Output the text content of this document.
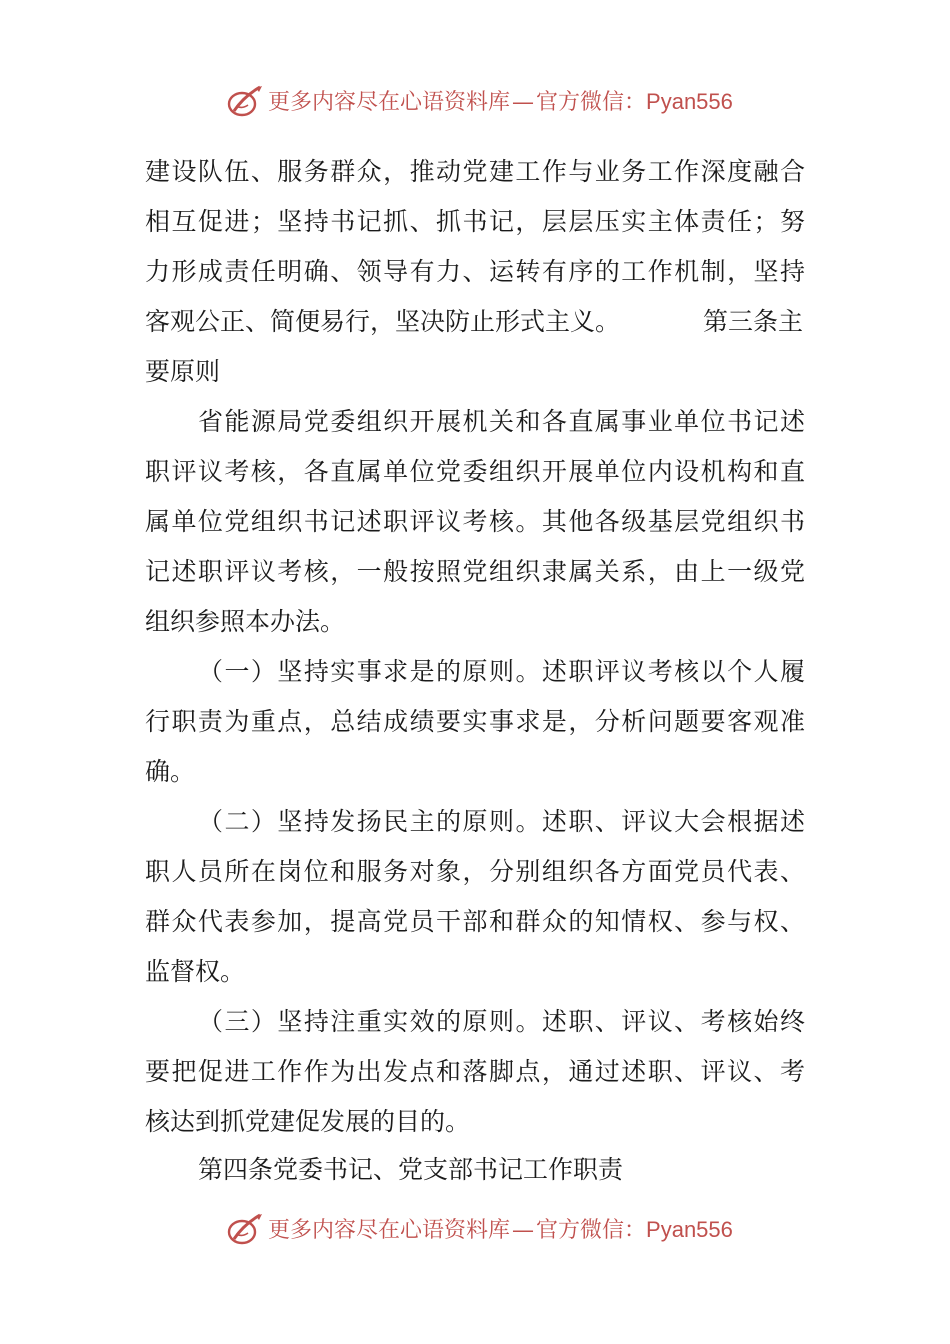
更多内容尽在心语资料库—官方微信：Pyan556
建设队伍、服务群众，推动党建工作与业务工作深度融合
相互促进；坚持书记抓、抓书记，层层压实主体责任；努
力形成责任明确、领导有力、运转有序的工作机制，坚持
客观公正、简便易行，坚决防止形式主义。	第三条主
要原则
省能源局党委组织开展机关和各直属事业单位书记述
职评议考核，各直属单位党委组织开展单位内设机构和直
属单位党组织书记述职评议考核。其他各级基层党组织书
记述职评议考核，一般按照党组织隶属关系，由上一级党
组织参照本办法。
（一）坚持实事求是的原则。述职评议考核以个人履
行职责为重点，总结成绩要实事求是，分析问题要客观准
确。
（二）坚持发扬民主的原则。述职、评议大会根据述
职人员所在岗位和服务对象，分别组织各方面党员代表、
群众代表参加，提高党员干部和群众的知情权、参与权、
监督权。
（三）坚持注重实效的原则。述职、评议、考核始终
要把促进工作作为出发点和落脚点，通过述职、评议、考
核达到抓党建促发展的目的。
第四条党委书记、党支部书记工作职责
更多内容尽在心语资料库—官方微信：Pyan556
